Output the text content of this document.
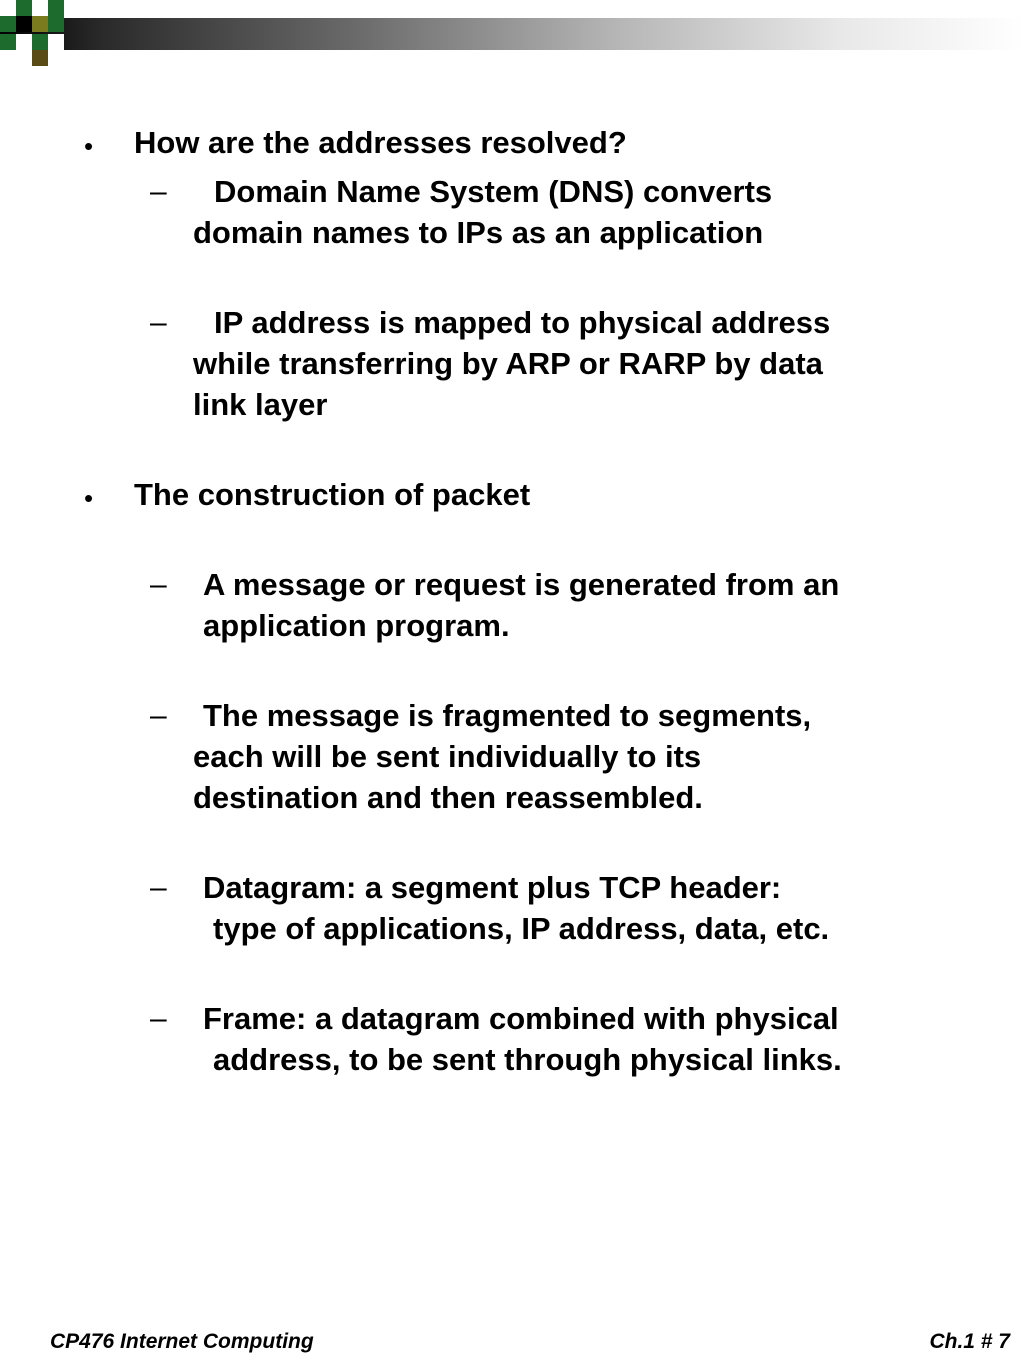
• How are the addresses resolved?
– Domain Name System (DNS) converts
domain names to IPs as an application
– IP address is mapped to physical address
while transferring by ARP or RARP by data
link layer
• The construction of packet
– A message or request is generated from an
application program.
– The message is fragmented to segments,
each will be sent individually to its
destination and then reassembled.
– Datagram: a segment plus TCP header:
type of applications, IP address, data, etc.
– Frame: a datagram combined with physical
address, to be sent through physical links.
CP476 Internet Computing	Ch.1 # 7
